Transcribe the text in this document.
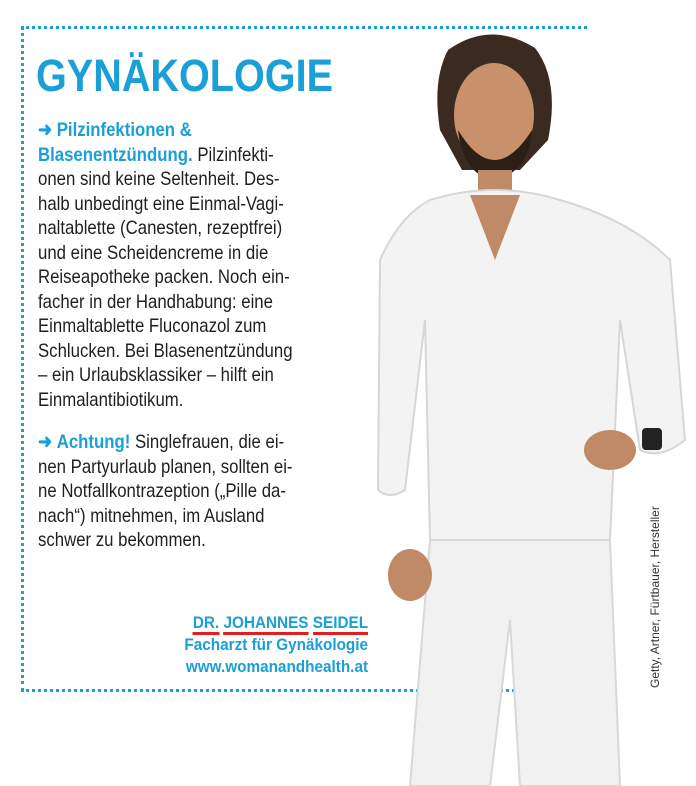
GYNÄKOLOGIE

➜ Pilzinfektionen &
Blasenentzündung. Pilzinfekti-
onen sind keine Seltenheit. Des-
halb unbedingt eine Einmal-Vagi-
naltablette (Canesten, rezeptfrei)
und eine Scheidencreme in die
Reiseapotheke packen. Noch ein-
facher in der Handhabung: eine
Einmaltablette Fluconazol zum
Schlucken. Bei Blasenentzündung
– ein Urlaubsklassiker – hilft ein
Einmalantibiotikum.

➜ Achtung! Singlefrauen, die ei-
nen Partyurlaub planen, sollten ei-
ne Notfallkontrazeption („Pille da-
nach“) mitnehmen, im Ausland
schwer zu bekommen.

DR. JOHANNES SEIDEL
Facharzt für Gynäkologie
www.womanandhealth.at	Getty, Artner, Fürtbauer, Hersteller
